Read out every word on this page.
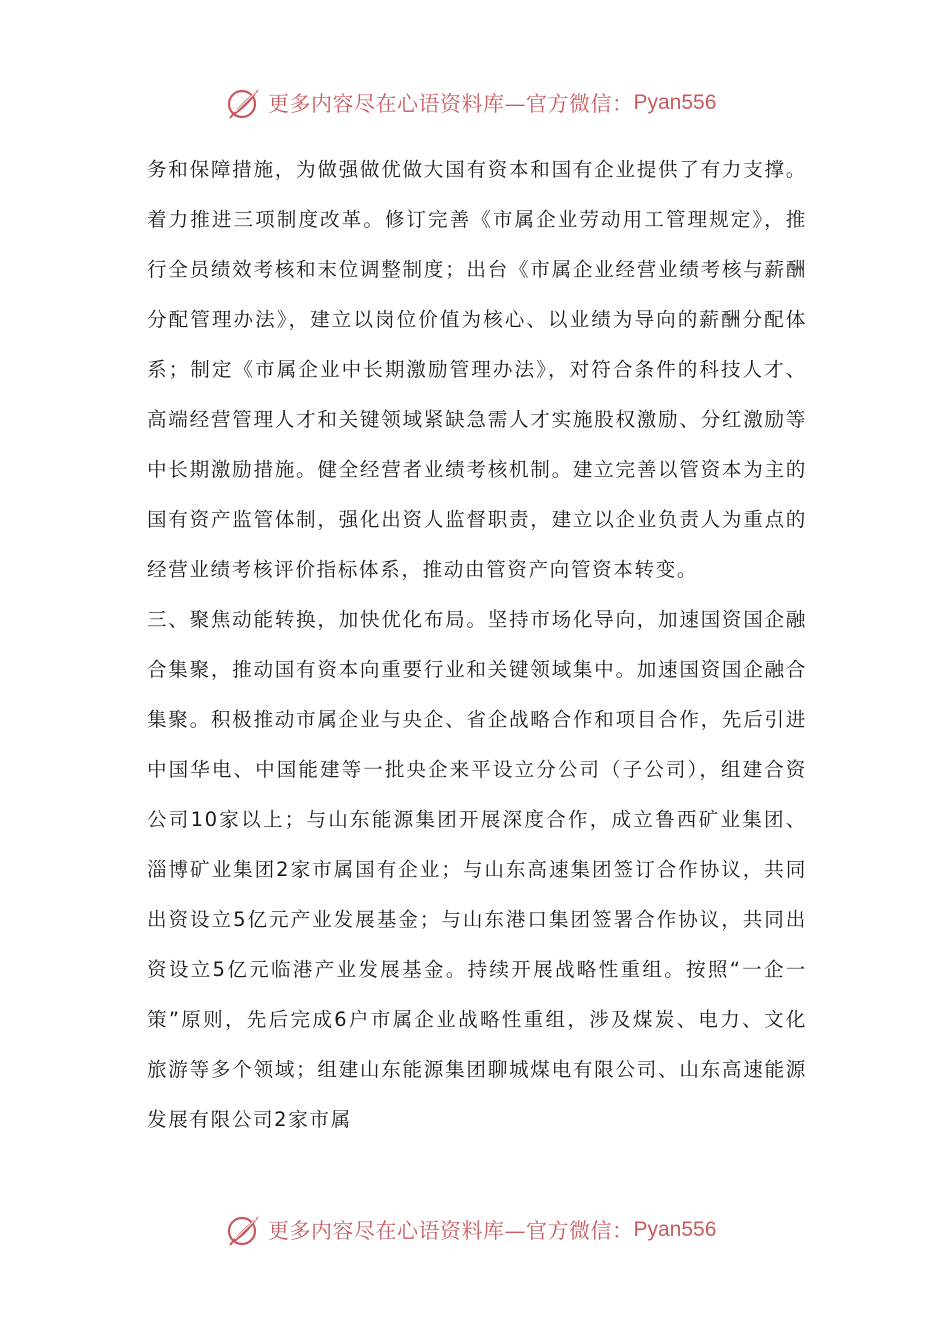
更多内容尽在心语资料库—官方微信： Pyan556

务和保障措施，为做强做优做大国有资本和国有企业提供了有力支撑。着力推进三项制度改革。修订完善《市属企业劳动用工管理规定》，推行全员绩效考核和末位调整制度；出台《市属企业经营业绩考核与薪酬分配管理办法》，建立以岗位价值为核心、以业绩为导向的薪酬分配体系；制定《市属企业中长期激励管理办法》，对符合条件的科技人才、高端经营管理人才和关键领域紧缺急需人才实施股权激励、分红激励等中长期激励措施。健全经营者业绩考核机制。建立完善以管资本为主的国有资产监管体制，强化出资人监督职责，建立以企业负责人为重点的经营业绩考核评价指标体系，推动由管资产向管资本转变。

三、聚焦动能转换，加快优化布局。坚持市场化导向，加速国资国企融合集聚，推动国有资本向重要行业和关键领域集中。加速国资国企融合集聚。积极推动市属企业与央企、省企战略合作和项目合作，先后引进中国华电、中国能建等一批央企来平设立分公司（子公司），组建合资公司10家以上；与山东能源集团开展深度合作，成立鲁西矿业集团、淄博矿业集团2家市属国有企业；与山东高速集团签订合作协议，共同出资设立5亿元产业发展基金；与山东港口集团签署合作协议，共同出资设立5亿元临港产业发展基金。持续开展战略性重组。按照“一企一策”原则，先后完成6户市属企业战略性重组，涉及煤炭、电力、文化旅游等多个领域；组建山东能源集团聊城煤电有限公司、山东高速能源发展有限公司2家市属

更多内容尽在心语资料库—官方微信： Pyan556
